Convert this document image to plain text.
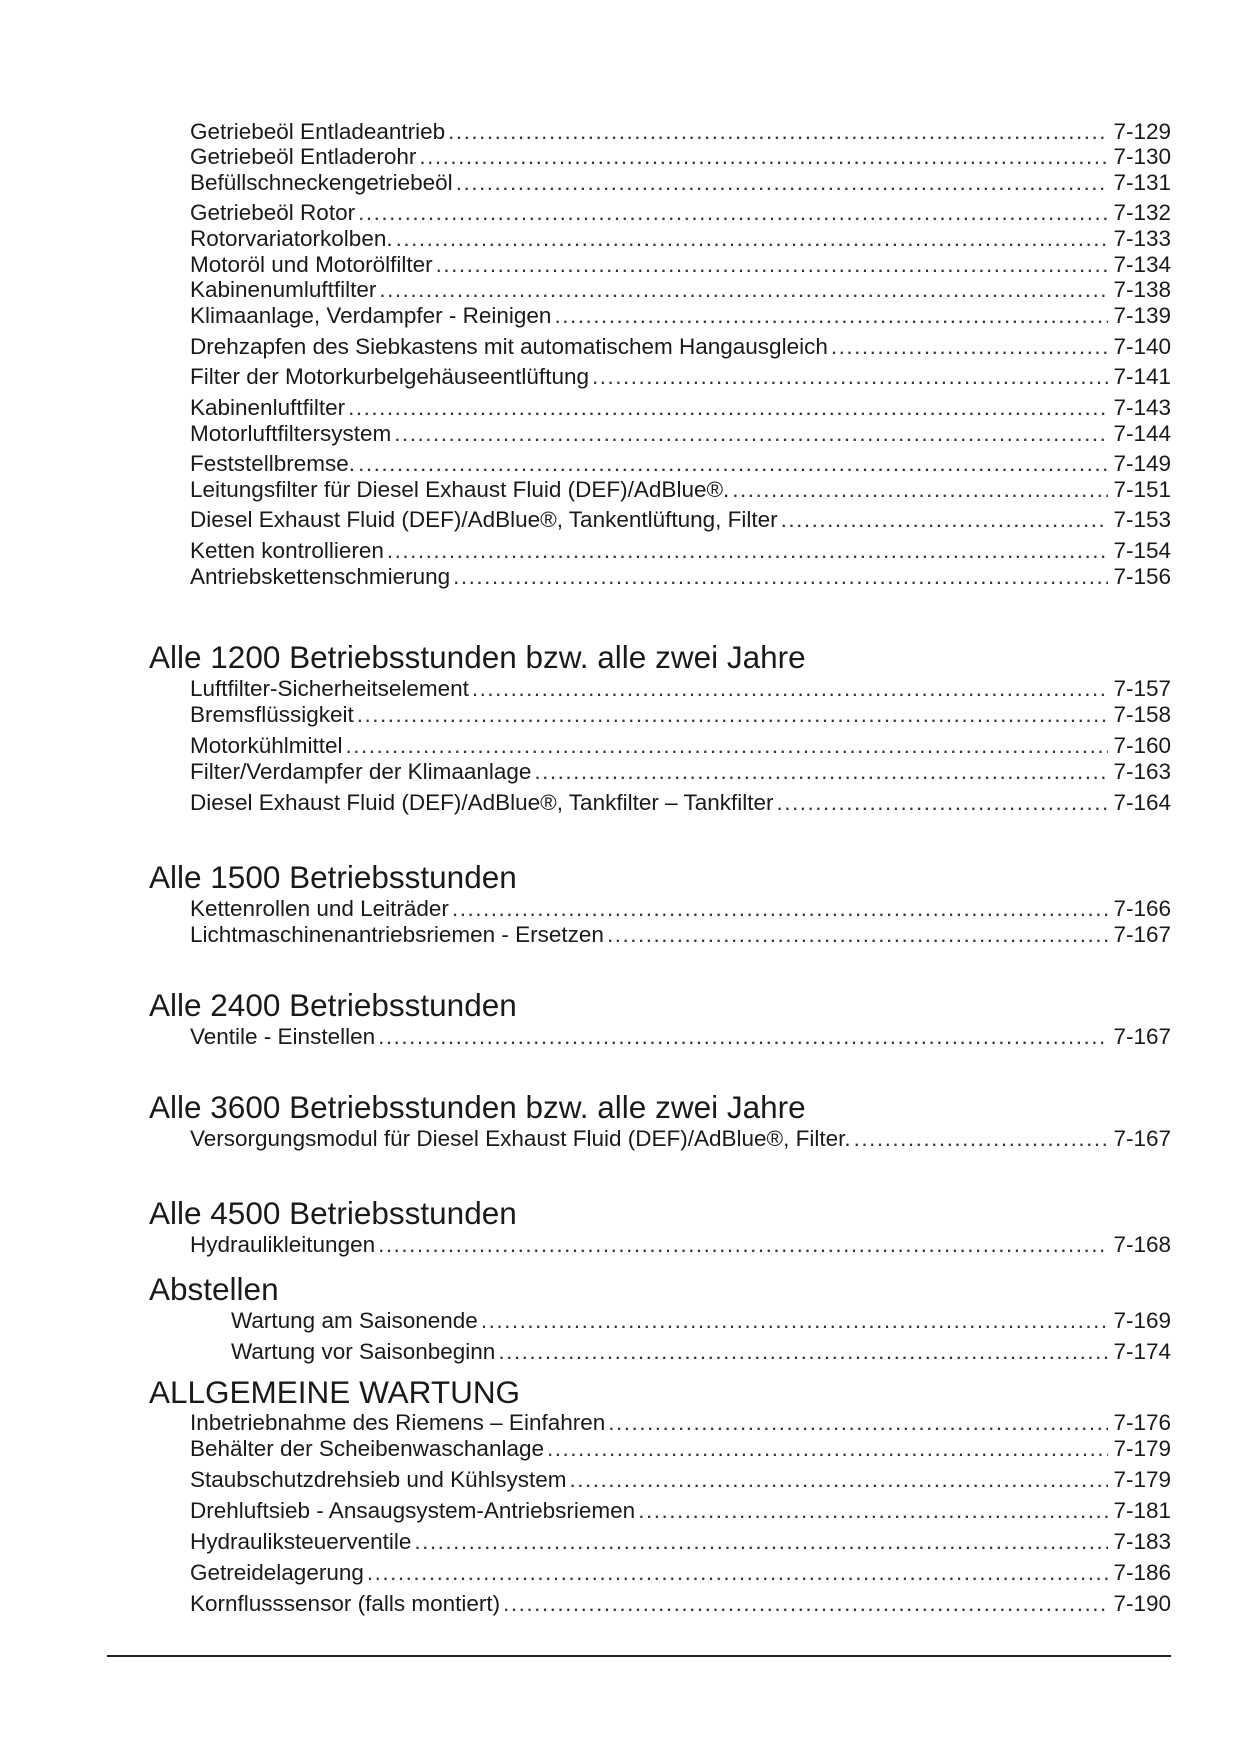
Getriebeöl Entladeantrieb .....	7-129
Getriebeöl Entladerohr .....	7-130
Befüllschneckengetriebeöl .....	7-131
Getriebeöl Rotor .....	7-132
Rotorvariatorkolben. .....	7-133
Motoröl und Motorölfilter .....	7-134
Kabinenumluftfilter .....	7-138
Klimaanlage, Verdampfer - Reinigen .....	7-139
Drehzapfen des Siebkastens mit automatischem Hangausgleich .....	7-140
Filter der Motorkurbelgehäuseentlüftung .....	7-141
Kabinenluftfilter .....	7-143
Motorluftfiltersystem .....	7-144
Feststellbremse. .....	7-149
Leitungsfilter für Diesel Exhaust Fluid (DEF)/AdBlue®. .....	7-151
Diesel Exhaust Fluid (DEF)/AdBlue®, Tankentlüftung, Filter .....	7-153
Ketten kontrollieren .....	7-154
Antriebskettenschmierung .....	7-156
Alle 1200 Betriebsstunden bzw. alle zwei Jahre
Luftfilter-Sicherheitselement .....	7-157
Bremsflüssigkeit .....	7-158
Motorkühlmittel .....	7-160
Filter/Verdampfer der Klimaanlage .....	7-163
Diesel Exhaust Fluid (DEF)/AdBlue®, Tankfilter – Tankfilter .....	7-164
Alle 1500 Betriebsstunden
Kettenrollen und Leiträder .....	7-166
Lichtmaschinenantriebsriemen - Ersetzen .....	7-167
Alle 2400 Betriebsstunden
Ventile - Einstellen .....	7-167
Alle 3600 Betriebsstunden bzw. alle zwei Jahre
Versorgungsmodul für Diesel Exhaust Fluid (DEF)/AdBlue®, Filter. .....	7-167
Alle 4500 Betriebsstunden
Hydraulikleitungen .....	7-168
Abstellen
Wartung am Saisonende .....	7-169
Wartung vor Saisonbeginn .....	7-174
ALLGEMEINE WARTUNG
Inbetriebnahme des Riemens – Einfahren .....	7-176
Behälter der Scheibenwaschanlage .....	7-179
Staubschutzdrehsieb und Kühlsystem .....	7-179
Drehluftsieb - Ansaugsystem-Antriebsriemen .....	7-181
Hydrauliksteuerventile .....	7-183
Getreidelagerung .....	7-186
Kornflusssensor (falls montiert) .....	7-190
